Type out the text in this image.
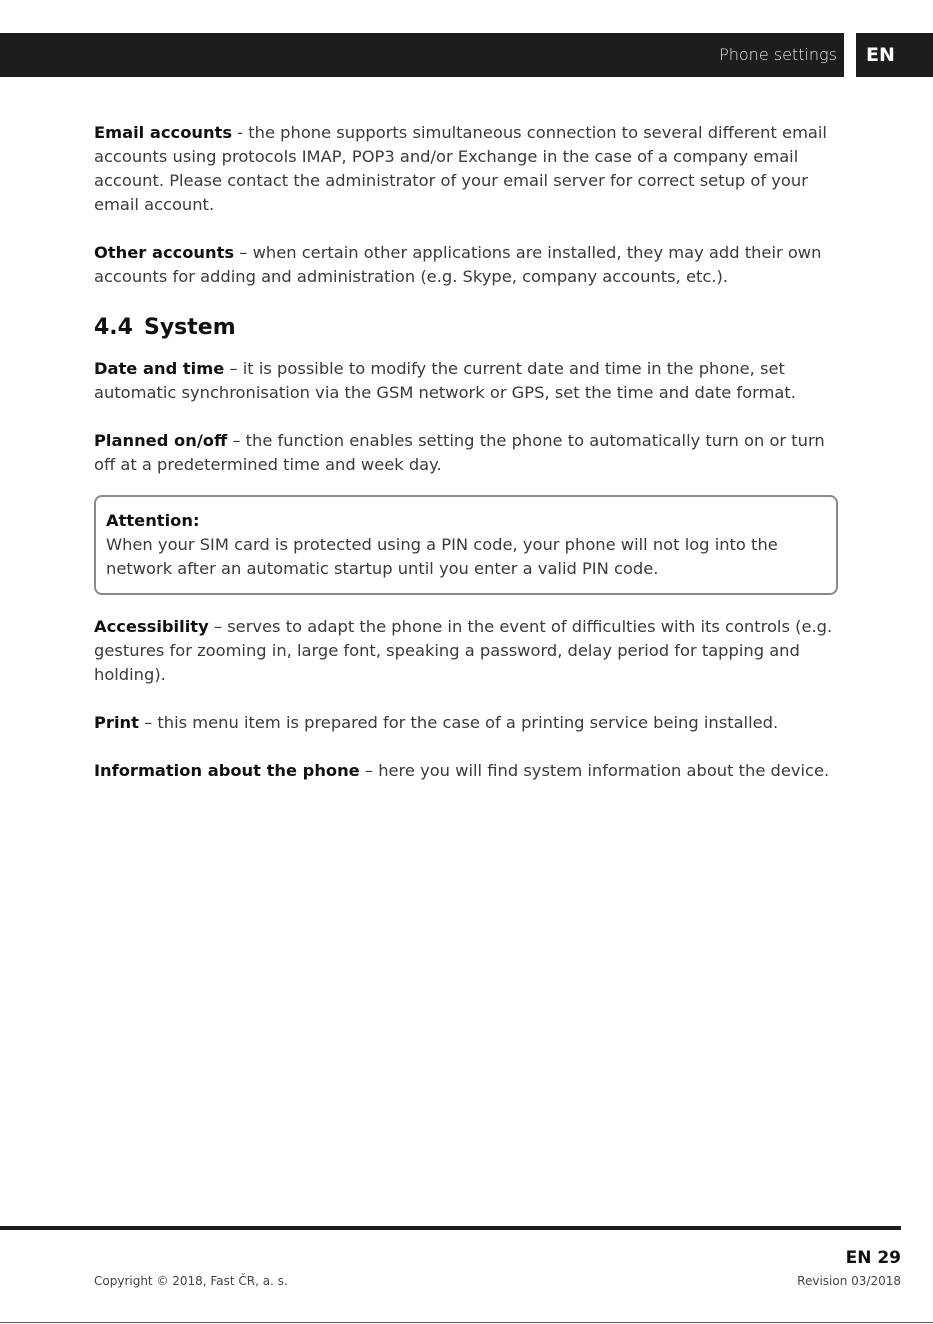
Phone settings EN

Email accounts - the phone supports simultaneous connection to several different email accounts using protocols IMAP, POP3 and/or Exchange in the case of a company email account. Please contact the administrator of your email server for correct setup of your email account.

Other accounts – when certain other applications are installed, they may add their own accounts for adding and administration (e.g. Skype, company accounts, etc.).

4.4 System

Date and time – it is possible to modify the current date and time in the phone, set automatic synchronisation via the GSM network or GPS, set the time and date format.

Planned on/off – the function enables setting the phone to automatically turn on or turn off at a predetermined time and week day.

Attention:
When your SIM card is protected using a PIN code, your phone will not log into the network after an automatic startup until you enter a valid PIN code.

Accessibility – serves to adapt the phone in the event of difficulties with its controls (e.g. gestures for zooming in, large font, speaking a password, delay period for tapping and holding).

Print – this menu item is prepared for the case of a printing service being installed.

Information about the phone – here you will find system information about the device.

EN 29
Copyright © 2018, Fast ČR, a. s.	Revision 03/2018
